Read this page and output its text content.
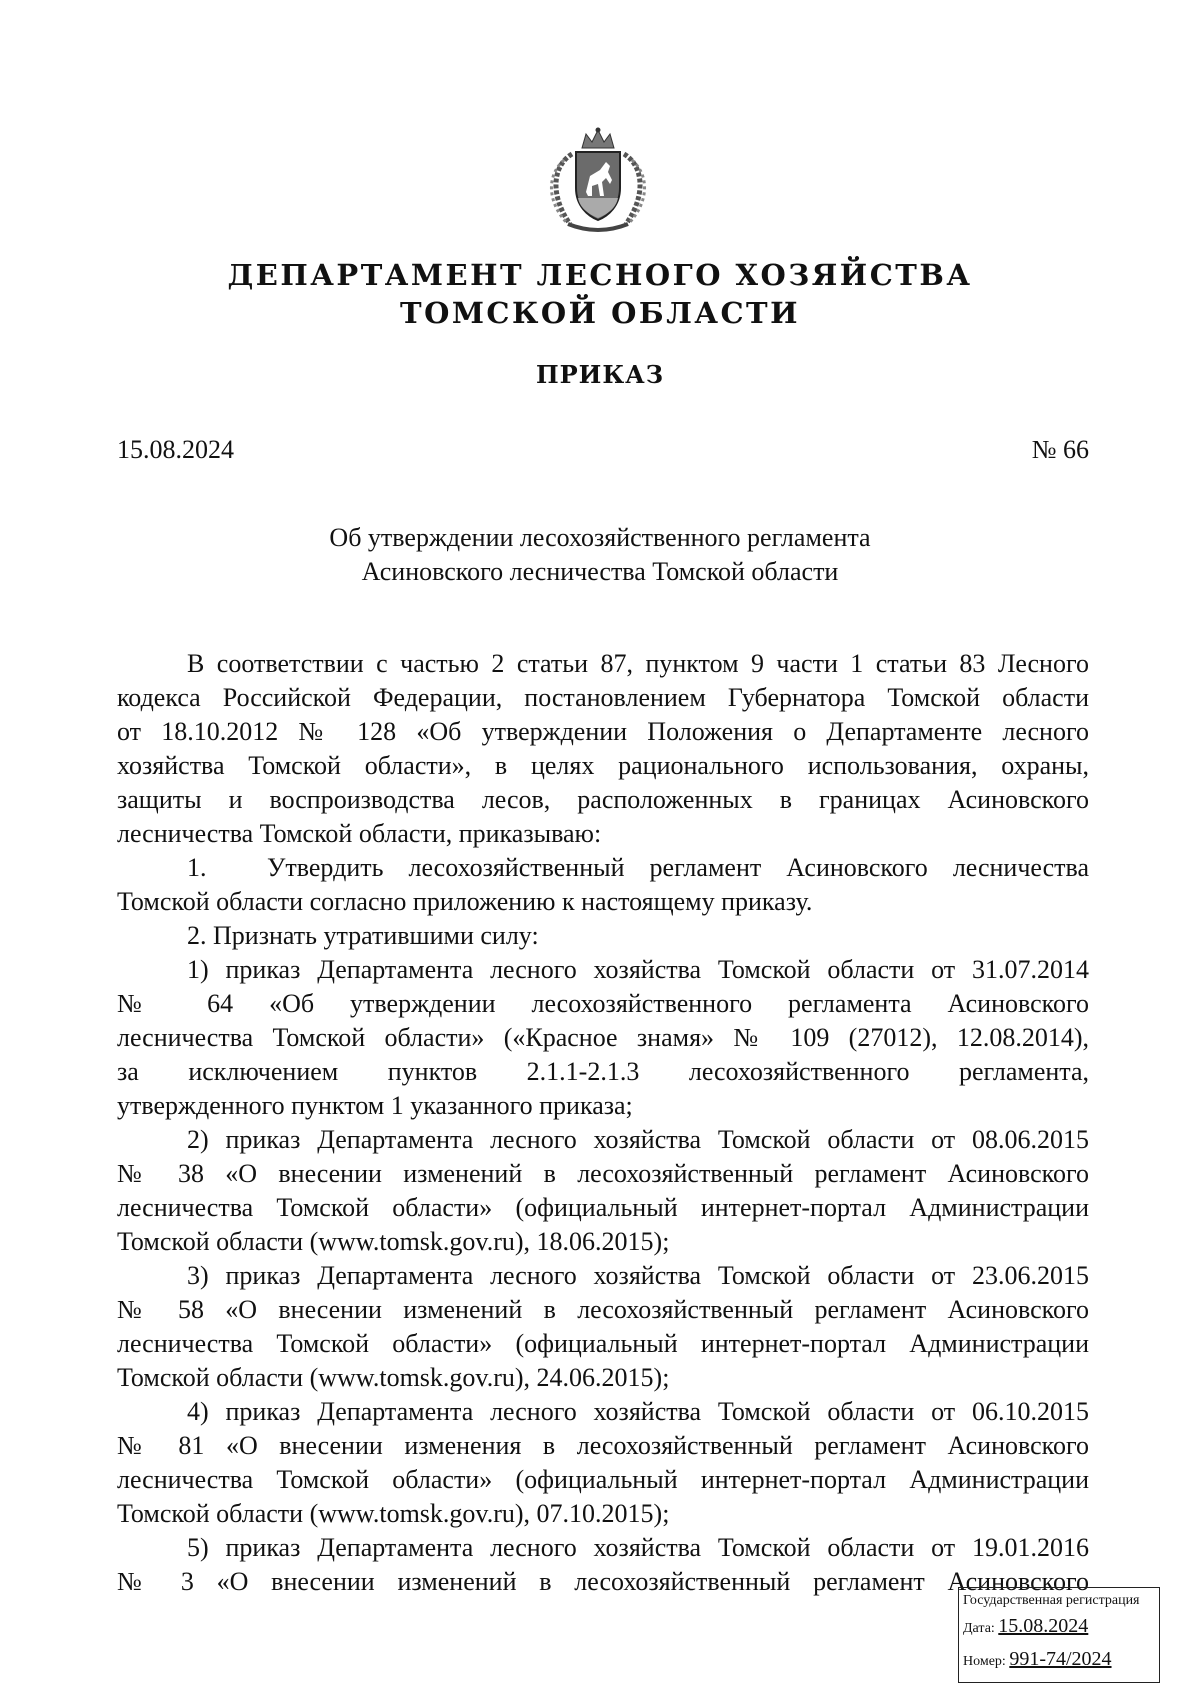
ДЕПАРТАМЕНТ ЛЕСНОГО ХОЗЯЙСТВА
ТОМСКОЙ ОБЛАСТИ
ПРИКАЗ
15.08.2024	№ 66
Об утверждении лесохозяйственного регламента
Асиновского лесничества Томской области
В соответствии с частью 2 статьи 87, пунктом 9 части 1 статьи 83 Лесного
кодекса Российской Федерации, постановлением Губернатора Томской области
от 18.10.2012 № 128 «Об утверждении Положения о Департаменте лесного
хозяйства Томской области», в целях рационального использования, охраны,
защиты и воспроизводства лесов, расположенных в границах Асиновского
лесничества Томской области, приказываю:
1.	Утвердить лесохозяйственный регламент Асиновского лесничества
Томской области согласно приложению к настоящему приказу.
2. Признать утратившими силу:
1) приказ Департамента лесного хозяйства Томской области от 31.07.2014
№ 64 «Об утверждении лесохозяйственного регламента Асиновского
лесничества Томской области» («Красное знамя» № 109 (27012), 12.08.2014),
за исключением пунктов 2.1.1-2.1.3 лесохозяйственного регламента,
утвержденного пунктом 1 указанного приказа;
2) приказ Департамента лесного хозяйства Томской области от 08.06.2015
№ 38 «О внесении изменений в лесохозяйственный регламент Асиновского
лесничества Томской области» (официальный интернет-портал Администрации
Томской области (www.tomsk.gov.ru), 18.06.2015);
3) приказ Департамента лесного хозяйства Томской области от 23.06.2015
№ 58 «О внесении изменений в лесохозяйственный регламент Асиновского
лесничества Томской области» (официальный интернет-портал Администрации
Томской области (www.tomsk.gov.ru), 24.06.2015);
4) приказ Департамента лесного хозяйства Томской области от 06.10.2015
№ 81 «О внесении изменения в лесохозяйственный регламент Асиновского
лесничества Томской области» (официальный интернет-портал Администрации
Томской области (www.tomsk.gov.ru), 07.10.2015);
5) приказ Департамента лесного хозяйства Томской области от 19.01.2016
№ 3 «О внесении изменений в лесохозяйственный регламент Асиновского
Государственная регистрация
Дата: 15.08.2024
Номер: 991-74/2024
